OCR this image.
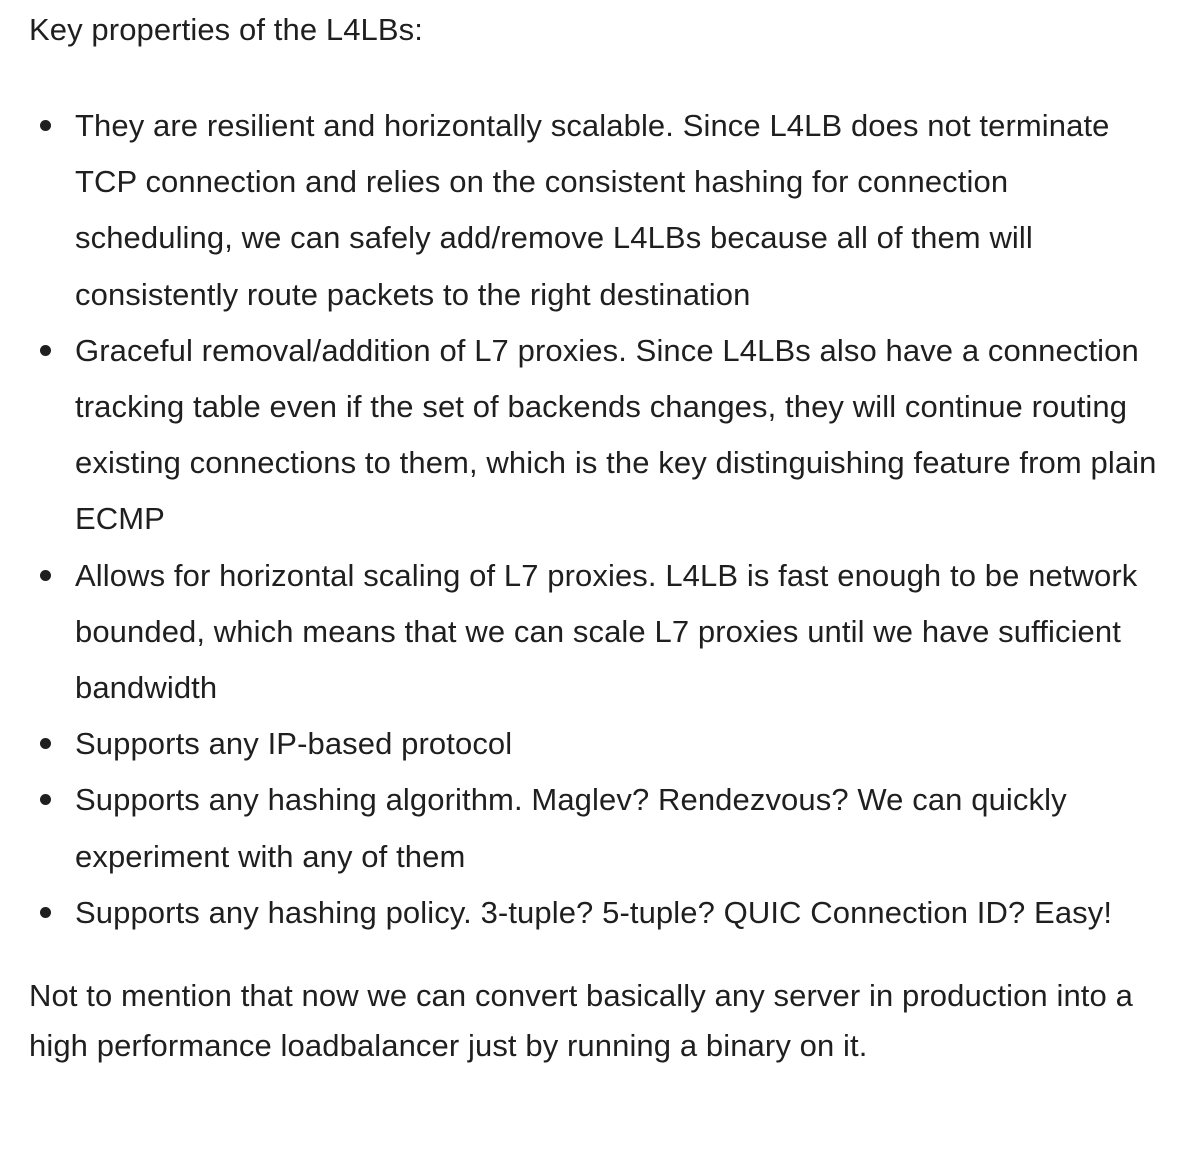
Key properties of the L4LBs:

They are resilient and horizontally scalable. Since L4LB does not terminate TCP connection and relies on the consistent hashing for connection scheduling, we can safely add/remove L4LBs because all of them will consistently route packets to the right destination
Graceful removal/addition of L7 proxies. Since L4LBs also have a connection tracking table even if the set of backends changes, they will continue routing existing connections to them, which is the key distinguishing feature from plain ECMP
Allows for horizontal scaling of L7 proxies. L4LB is fast enough to be network bounded, which means that we can scale L7 proxies until we have sufficient bandwidth
Supports any IP-based protocol
Supports any hashing algorithm. Maglev? Rendezvous? We can quickly experiment with any of them
Supports any hashing policy. 3-tuple? 5-tuple? QUIC Connection ID? Easy!

Not to mention that now we can convert basically any server in production into a high performance loadbalancer just by running a binary on it.
